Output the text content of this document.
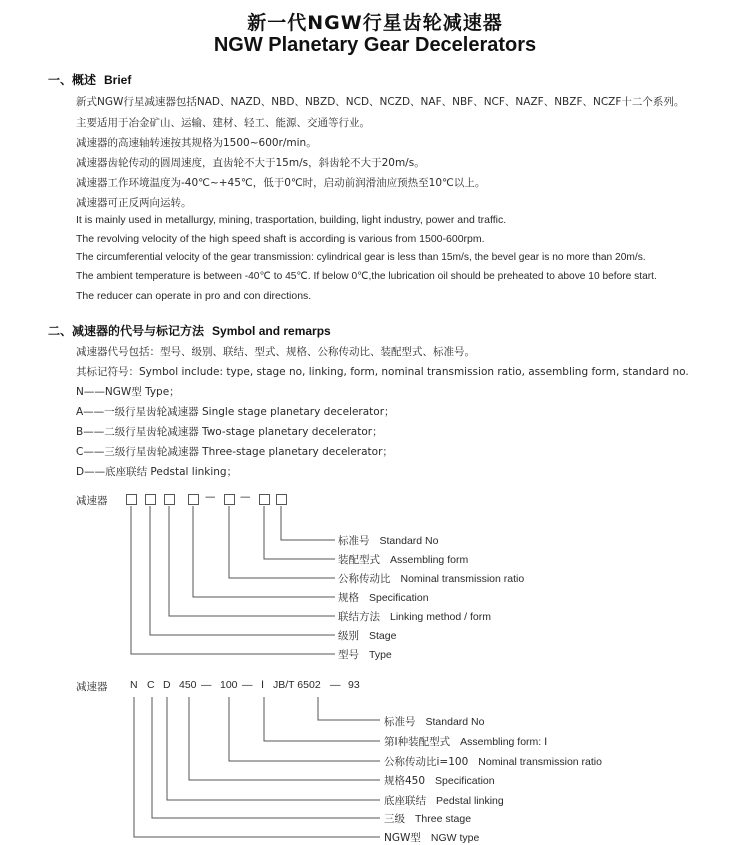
新一代NGW行星齿轮减速器
NGW Planetary Gear Decelerators
一、概述 Brief
新式NGW行星减速器包括NAD、NAZD、NBD、NBZD、NCD、NCZD、NAF、NBF、NCF、NAZF、NBZF、NCZF十二个系列。
主要适用于冶金矿山、运输、建材、轻工、能源、交通等行业。
减速器的高速轴转速按其规格为1500~600r/min。
减速器齿轮传动的圆周速度，直齿轮不大于15m/s，斜齿轮不大于20m/s。
减速器工作环境温度为-40℃~+45℃，低于0℃时，启动前润滑油应预热至10℃以上。
减速器可正反两向运转。
It is mainly used in metallurgy, mining, trasportation, building, light industry, power and traffic.
The revolving velocity of the high speed shaft is according is various from 1500-600rpm.
The circumferential velocity of the gear transmission: cylindrical gear is less than 15m/s, the bevel gear is no more than 20m/s.
The ambient temperature is between -40℃ to 45℃. If below 0℃,the lubrication oil should be preheated to above 10 before start.
The reducer can operate in pro and con directions.
二、减速器的代号与标记方法 Symbol and remarps
减速器代号包括：型号、级别、联结、型式、规格、公称传动比、装配型式、标准号。
其标记符号：Symbol include: type, stage no, linking, form, nominal transmission ratio, assembling form, standard no.
N——NGW型 Type；
A——一级行星齿轮减速器 Single stage planetary decelerator；
B——二级行星齿轮减速器 Two-stage planetary decelerator；
C——三级行星齿轮减速器 Three-stage planetary decelerator；
D——底座联结 Pedstal linking；
减速器	— —
标准号 Standard No
装配型式 Assembling form
公称传动比 Nominal transmission ratio
规格 Specification
联结方法 Linking method / form
级别 Stage
型号 Type
减速器 N C D 450 — 100 — Ⅰ JB/T 6502 — 93
标准号 Standard No
第Ⅰ种装配型式 Assembling form: Ⅰ
公称传动比i=100 Nominal transmission ratio
规格450 Specification
底座联结 Pedstal linking
三级 Three stage
NGW型 NGW type
